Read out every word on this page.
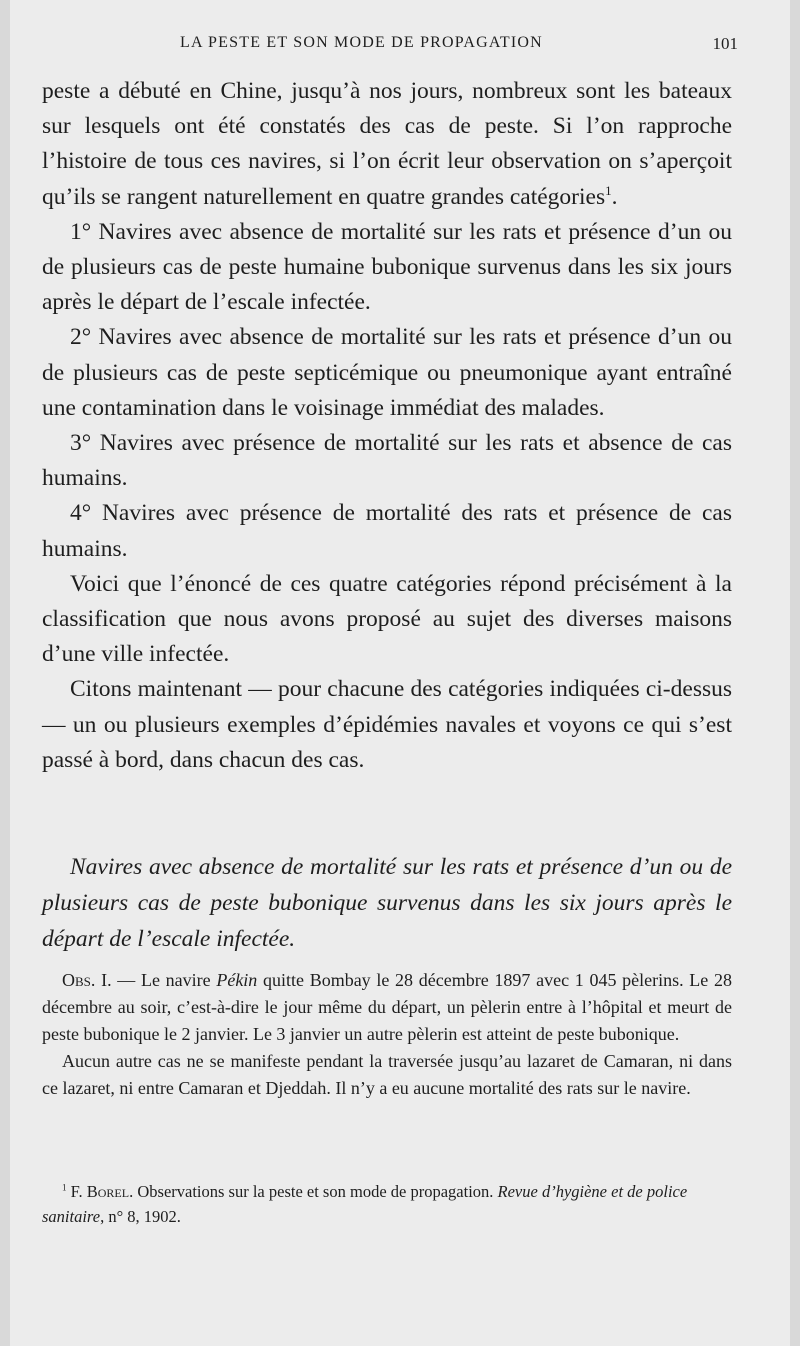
LA PESTE ET SON MODE DE PROPAGATION	101

peste a débuté en Chine, jusqu’à nos jours, nombreux sont les bateaux sur lesquels ont été constatés des cas de peste. Si l’on rapproche l’histoire de tous ces navires, si l’on écrit leur observation on s’aperçoit qu’ils se rangent naturellement en quatre grandes catégories$^1$.

1° Navires avec absence de mortalité sur les rats et présence d’un ou de plusieurs cas de peste humaine bubonique survenus dans les six jours après le départ de l’escale infectée.

2° Navires avec absence de mortalité sur les rats et présence d’un ou de plusieurs cas de peste septicémique ou pneumonique ayant entraîné une contamination dans le voisinage immédiat des malades.

3° Navires avec présence de mortalité sur les rats et absence de cas humains.

4° Navires avec présence de mortalité des rats et présence de cas humains.

Voici que l’énoncé de ces quatre catégories répond précisément à la classification que nous avons proposé au sujet des diverses maisons d’une ville infectée.

Citons maintenant — pour chacune des catégories indiquées ci-dessus — un ou plusieurs exemples d’épidémies navales et voyons ce qui s’est passé à bord, dans chacun des cas.

Navires avec absence de mortalité sur les rats et présence d’un ou de plusieurs cas de peste bubonique survenus dans les six jours après le départ de l’escale infectée.

Obs. I. — Le navire Pékin quitte Bombay le 28 décembre 1897 avec 1 045 pèlerins. Le 28 décembre au soir, c’est-à-dire le jour même du départ, un pèlerin entre à l’hôpital et meurt de peste bubonique le 2 janvier. Le 3 janvier un autre pèlerin est atteint de peste bubonique.

Aucun autre cas ne se manifeste pendant la traversée jusqu’au lazaret de Camaran, ni dans ce lazaret, ni entre Camaran et Djeddah. Il n’y a eu aucune mortalité des rats sur le navire.

$^1$ F. Borel. Observations sur la peste et son mode de propagation. Revue d’hygiène et de police sanitaire, n° 8, 1902.
